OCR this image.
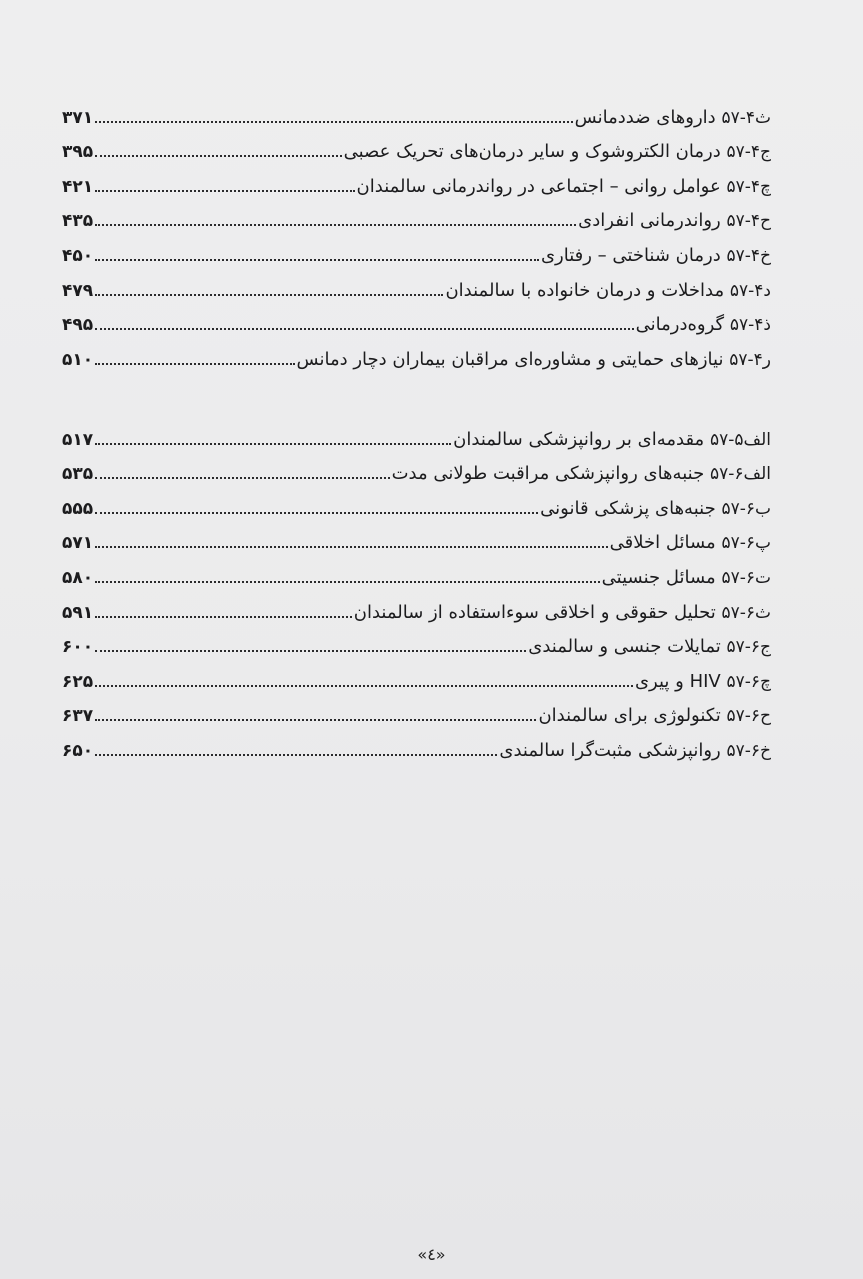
ث۴-۵۷ داروهای ضددمانس
۳۷۱
ج۴-۵۷ درمان الکتروشوک و سایر درمان‌های تحریک عصبی
۳۹۵
چ۴-۵۷ عوامل روانی – اجتماعی در رواندرمانی سالمندان
۴۲۱
ح۴-۵۷ رواندرمانی انفرادی
۴۳۵
خ۴-۵۷ درمان شناختی – رفتاری
۴۵۰
د۴-۵۷ مداخلات و درمان خانواده با سالمندان
۴۷۹
ذ۴-۵۷ گروه‌درمانی
۴۹۵
ر۴-۵۷ نیازهای حمایتی و مشاوره‌ای مراقبان بیماران دچار دمانس
۵۱۰
الف۵-۵۷ مقدمه‌ای بر روانپزشکی سالمندان
۵۱۷
الف۶-۵۷ جنبه‌های روانپزشکی مراقبت طولانی مدت
۵۳۵
ب۶-۵۷ جنبه‌های پزشکی قانونی
۵۵۵
پ۶-۵۷ مسائل اخلاقی
۵۷۱
ت۶-۵۷ مسائل جنسیتی
۵۸۰
ث۶-۵۷ تحلیل حقوقی و اخلاقی سوءاستفاده از سالمندان
۵۹۱
ج۶-۵۷ تمایلات جنسی و سالمندی
۶۰۰
چ۶-۵۷ HIV و پیری
۶۲۵
ح۶-۵۷ تکنولوژی برای سالمندان
۶۳۷
خ۶-۵۷ روانپزشکی مثبت‌گرا سالمندی
۶۵۰
«٤»
